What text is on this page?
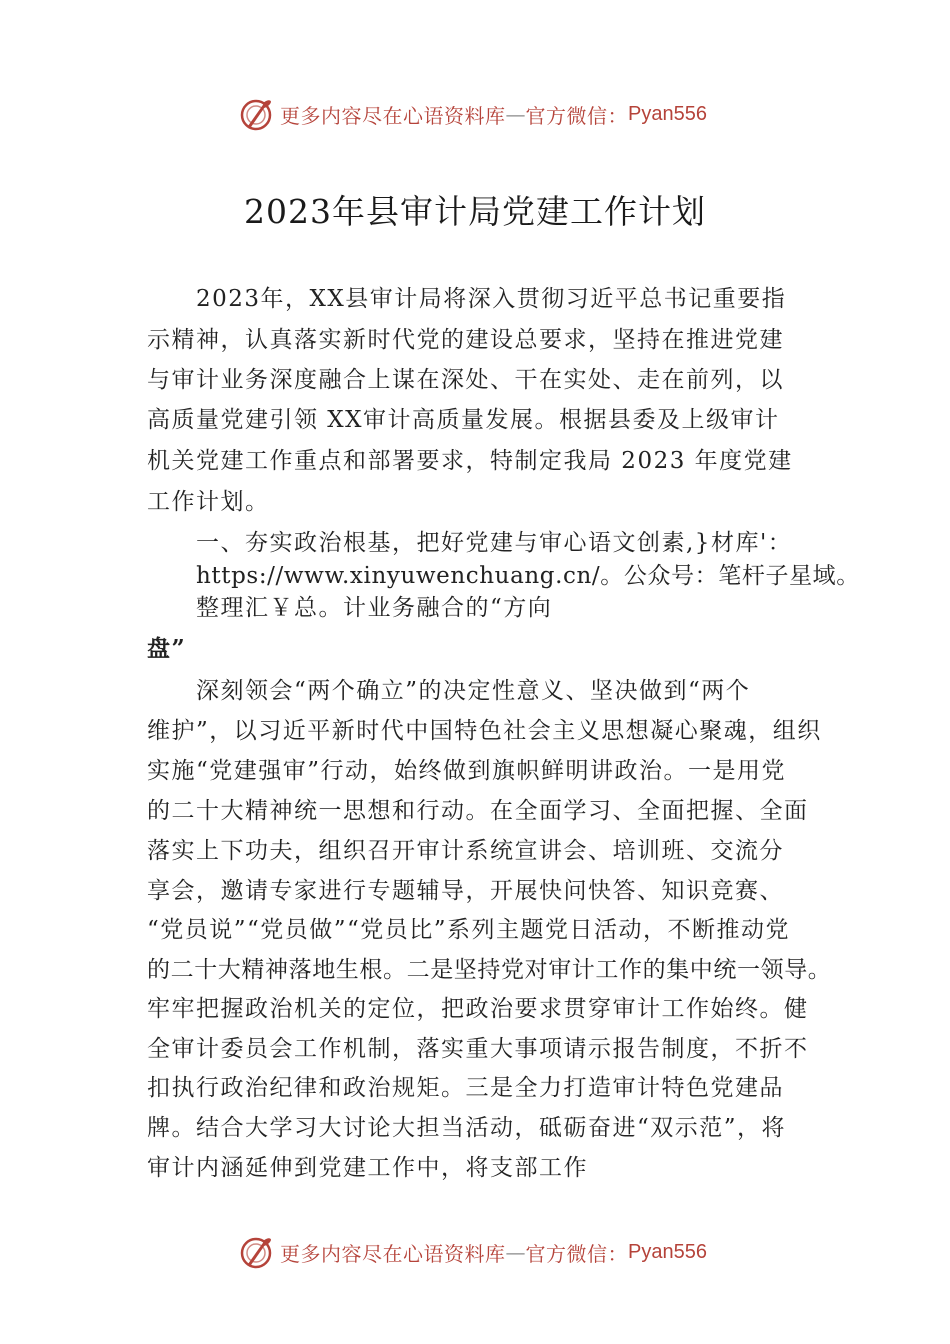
更多内容尽在心语资料库 — 官方微信： Pyan556
2023年县审计局党建工作计划
2023年，XX县审计局将深入贯彻习近平总书记重要指
示精神，认真落实新时代党的建设总要求，坚持在推进党建
与审计业务深度融合上谋在深处、干在实处、走在前列，以
高质量党建引领 XX审计高质量发展。根据县委及上级审计
机关党建工作重点和部署要求，特制定我局 2023 年度党建
工作计划。
一、夯实政治根基，把好党建与审心语文创素,}材库'：
https://www.xinyuwenchuang.cn/。公众号：笔杆子星域。
整理汇￥总。计业务融合的“方向
盘”
深刻领会“两个确立”的决定性意义、坚决做到“两个
维护”，以习近平新时代中国特色社会主义思想凝心聚魂，组织
实施“党建强审”行动，始终做到旗帜鲜明讲政治。一是用党
的二十大精神统一思想和行动。在全面学习、全面把握、全面
落实上下功夫，组织召开审计系统宣讲会、培训班、交流分
享会，邀请专家进行专题辅导，开展快问快答、知识竞赛、
“党员说”“党员做”“党员比”系列主题党日活动，不断推动党
的二十大精神落地生根。二是坚持党对审计工作的集中统一领导。
牢牢把握政治机关的定位，把政治要求贯穿审计工作始终。健
全审计委员会工作机制，落实重大事项请示报告制度，不折不
扣执行政治纪律和政治规矩。三是全力打造审计特色党建品
牌。结合大学习大讨论大担当活动，砥砺奋进“双示范”，将
审计内涵延伸到党建工作中，将支部工作
更多内容尽在心语资料库 — 官方微信： Pyan556
